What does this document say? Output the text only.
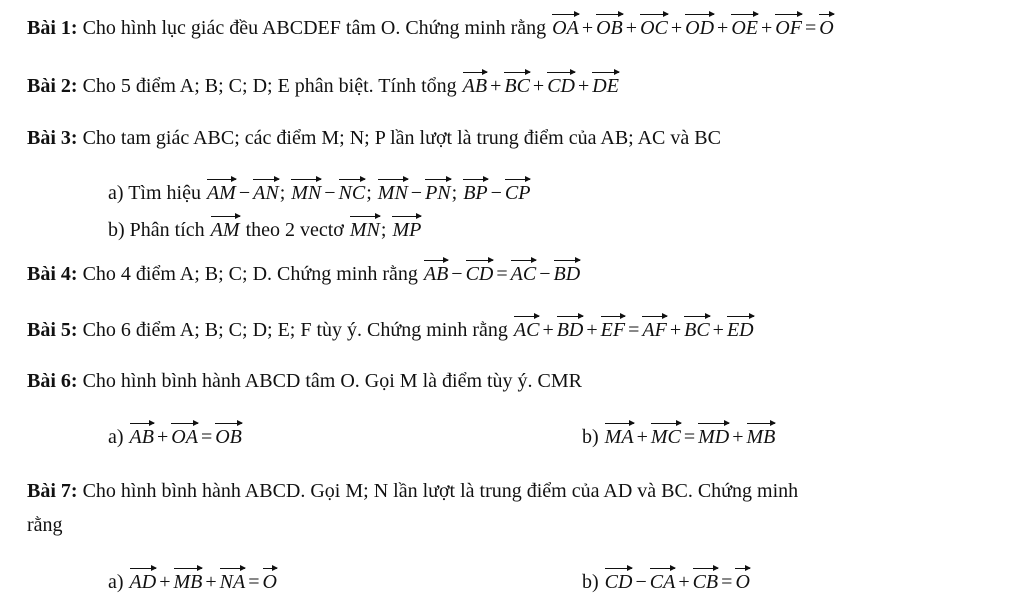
Bài 1: Cho hình lục giác đều ABCDEF tâm O. Chứng minh rằng
OA + OB + OC + OD + OE + OF = O
Bài 2: Cho 5 điểm A; B; C; D; E phân biệt. Tính tổng
AB + BC + CD + DE
Bài 3: Cho tam giác ABC; các điểm M; N; P lần lượt là trung điểm của AB; AC và BC
a) Tìm hiệu
AM − AN; MN − NC; MN − PN; BP − CP
b) Phân tích
AM theo 2 vectơ
MN; MP
Bài 4: Cho 4 điểm A; B; C; D. Chứng minh rằng
AB − CD = AC − BD
Bài 5: Cho 6 điểm A; B; C; D; E; F tùy ý. Chứng minh rằng
AC + BD + EF = AF + BC + ED
Bài 6: Cho hình bình hành ABCD tâm O. Gọi M là điểm tùy ý. CMR
a) AB + OA = OB	b) MA + MC = MD + MB
Bài 7: Cho hình bình hành ABCD. Gọi M; N lần lượt là trung điểm của AD và BC. Chứng minh
rằng
a) AD + MB + NA = O	b) CD − CA + CB = O
